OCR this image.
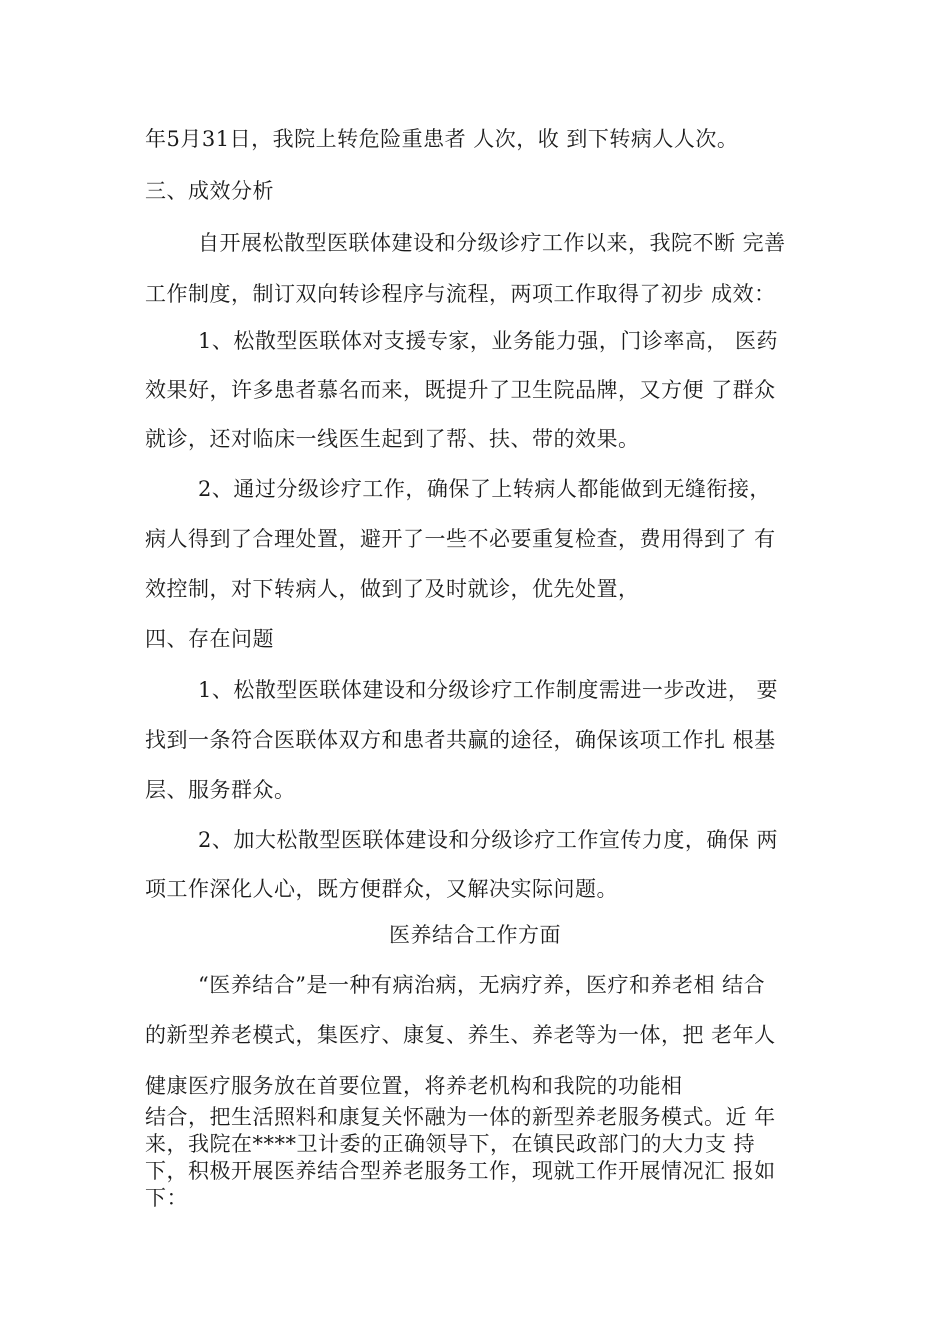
年5月31日，我院上转危险重患者 人次，收 到下转病人人次。
三、成效分析
自开展松散型医联体建设和分级诊疗工作以来，我院不断 完善
工作制度，制订双向转诊程序与流程，两项工作取得了初步 成效：
1、松散型医联体对支援专家，业务能力强，门诊率高， 医药
效果好，许多患者慕名而来，既提升了卫生院品牌，又方便 了群众
就诊，还对临床一线医生起到了帮、扶、带的效果。
2、通过分级诊疗工作，确保了上转病人都能做到无缝衔接，
病人得到了合理处置，避开了一些不必要重复检查，费用得到了 有
效控制，对下转病人，做到了及时就诊，优先处置，
四、存在问题
1、松散型医联体建设和分级诊疗工作制度需进一步改进， 要
找到一条符合医联体双方和患者共赢的途径，确保该项工作扎 根基
层、服务群众。
2、加大松散型医联体建设和分级诊疗工作宣传力度，确保 两
项工作深化人心，既方便群众，又解决实际问题。
医养结合工作方面
“医养结合”是一种有病治病，无病疗养，医疗和养老相 结合
的新型养老模式，集医疗、康复、养生、养老等为一体，把 老年人
健康医疗服务放在首要位置，将养老机构和我院的功能相
结合，把生活照料和康复关怀融为一体的新型养老服务模式。近 年
来，我院在****卫计委的正确领导下，在镇民政部门的大力支 持
下，积极开展医养结合型养老服务工作，现就工作开展情况汇 报如
下：
